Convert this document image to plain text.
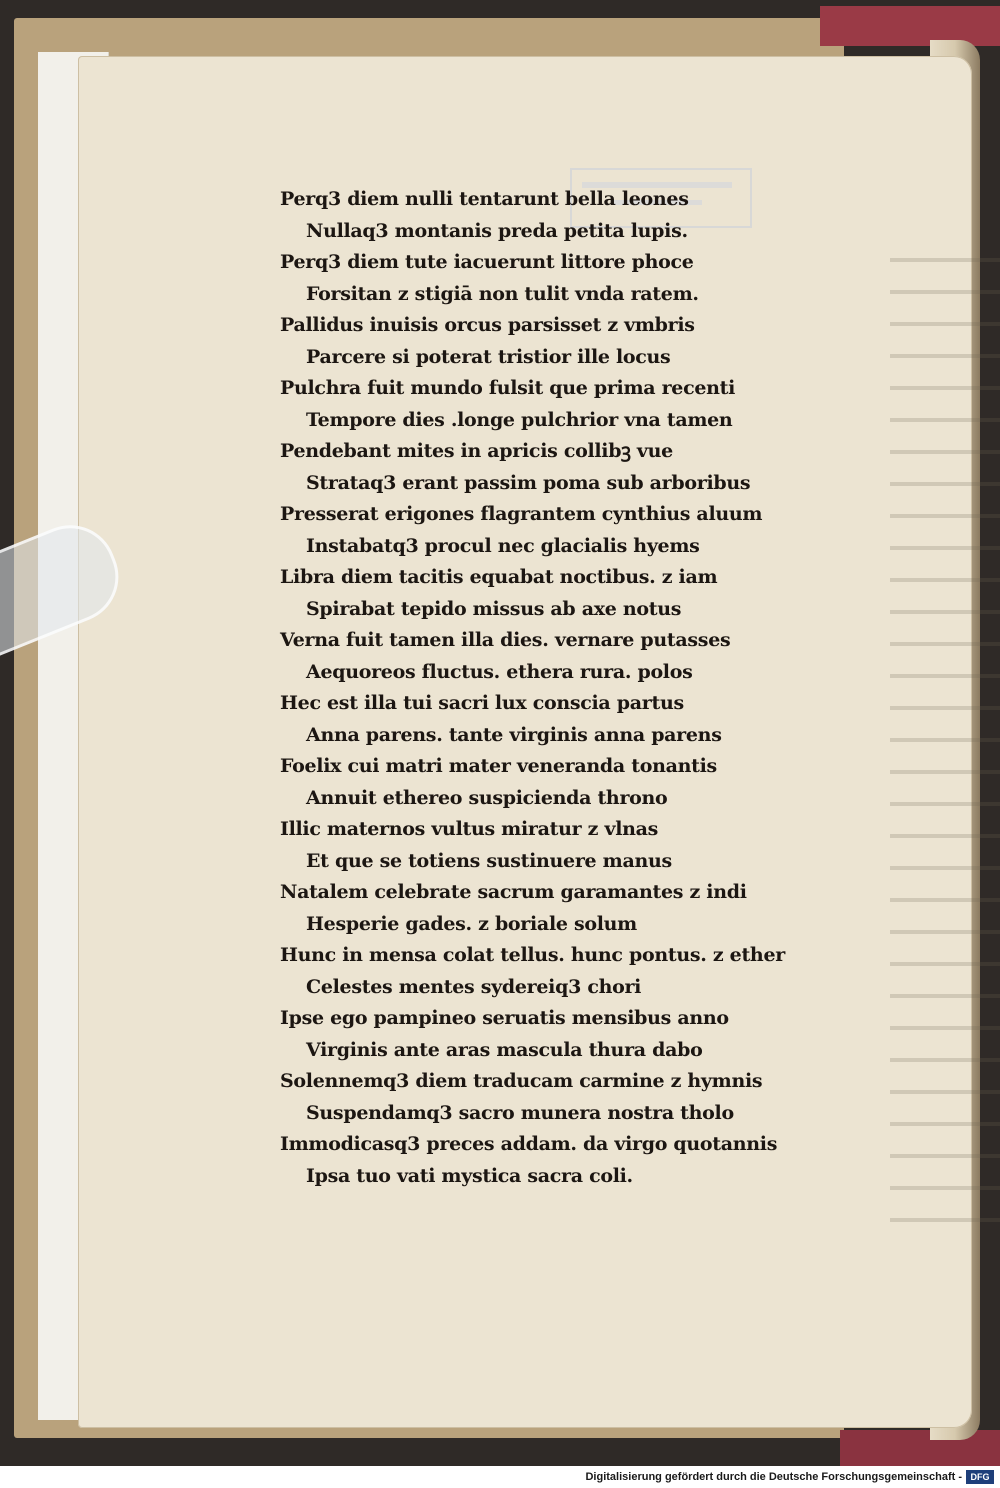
Perq3 diem nulli tentarunt bella leones
Nullaq3 montanis preda petita lupis.
Perq3 diem tute iacuerunt littore phoce
Forsitan z stigiā non tulit vnda ratem.
Pallidus inuisis orcus parsisset z vmbris
Parcere si poterat tristior ille locus
Pulchra fuit mundo fulsit que prima recenti
Tempore dies .longe pulchrior vna tamen
Pendebant mites in apricis collibꝫ vue
Strataq3 erant passim poma sub arboribus
Presserat erigones flagrantem cynthius aluum
Instabatq3 procul nec glacialis hyems
Libra diem tacitis equabat noctibus. z iam
Spirabat tepido missus ab axe notus
Verna fuit tamen illa dies. vernare putasses
Aequoreos fluctus. ethera rura. polos
Hec est illa tui sacri lux conscia partus
Anna parens. tante virginis anna parens
Foelix cui matri mater veneranda tonantis
Annuit ethereo suspicienda throno
Illic maternos vultus miratur z vlnas
Et que se totiens sustinuere manus
Natalem celebrate sacrum garamantes z indi
Hesperie gades. z boriale solum
Hunc in mensa colat tellus. hunc pontus. z ether
Celestes mentes sydereiq3 chori
Ipse ego pampineo seruatis mensibus anno
Virginis ante aras mascula thura dabo
Solennemq3 diem traducam carmine z hymnis
Suspendamq3 sacro munera nostra tholo
Immodicasq3 preces addam. da virgo quotannis
Ipsa tuo vati mystica sacra coli.
Digitalisierung gefördert durch die Deutsche Forschungsgemeinschaft - DFG
